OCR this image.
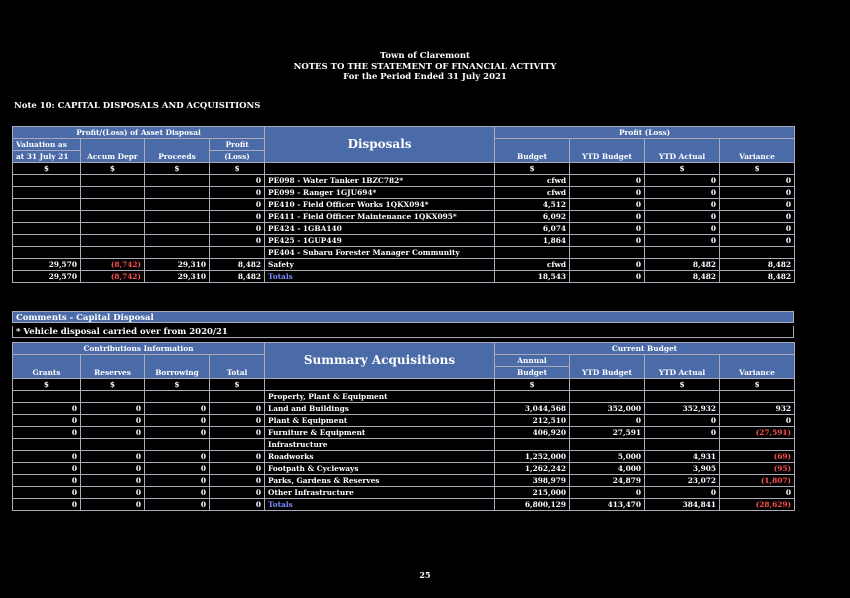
Town of Claremont
NOTES TO THE STATEMENT OF FINANCIAL ACTIVITY
For the Period Ended 31 July 2021
Note 10: CAPITAL DISPOSALS AND ACQUISITIONS
Profit/(Loss) of Asset Disposal				Disposals	Profit (Loss)			
Valuation as	Accum Depr	Proceeds	Profit		Budget	YTD Budget	YTD Actual	Variance
at 31 July 21			(Loss)					
$	$	$	$		$		$	$
			0	PE098 - Water Tanker 1BZC782*	cfwd	0	0	0
			0	PE099 - Ranger 1GJU694*	cfwd	0	0	0
			0	PE410 - Field Officer Works 1QKX094*	4,512	0	0	0
			0	PE411 - Field Officer Maintenance 1QKX095*	6,092	0	0	0
			0	PE424 - 1GBA140	6,074	0	0	0
			0	PE425 - 1GUP449	1,864	0	0	0
				PE404 - Subaru Forester Manager Community				
29,570	(8,742)	29,310	8,482	Safety	cfwd	0	8,482	8,482
29,570	(8,742)	29,310	8,482	Totals	18,543	0	8,482	8,482
Comments - Capital Disposal
* Vehicle disposal carried over from 2020/21
Contributions Information				Summary Acquisitions	Current Budget			
Grants	Reserves	Borrowing	Total		Annual	YTD Budget	YTD Actual	Variance
					Budget			
$	$	$	$		$		$	$
				Property, Plant & Equipment				
0	0	0	0	Land and Buildings	3,044,568	352,000	352,932	932
0	0	0	0	Plant & Equipment	212,510	0	0	0
0	0	0	0	Furniture & Equipment	406,920	27,591	0	(27,591)
				Infrastructure				
0	0	0	0	Roadworks	1,252,000	5,000	4,931	(69)
0	0	0	0	Footpath & Cycleways	1,262,242	4,000	3,905	(95)
0	0	0	0	Parks, Gardens & Reserves	398,979	24,879	23,072	(1,807)
0	0	0	0	Other Infrastructure	215,000	0	0	0
0	0	0	0	Totals	6,800,129	413,470	384,841	(28,629)
25
